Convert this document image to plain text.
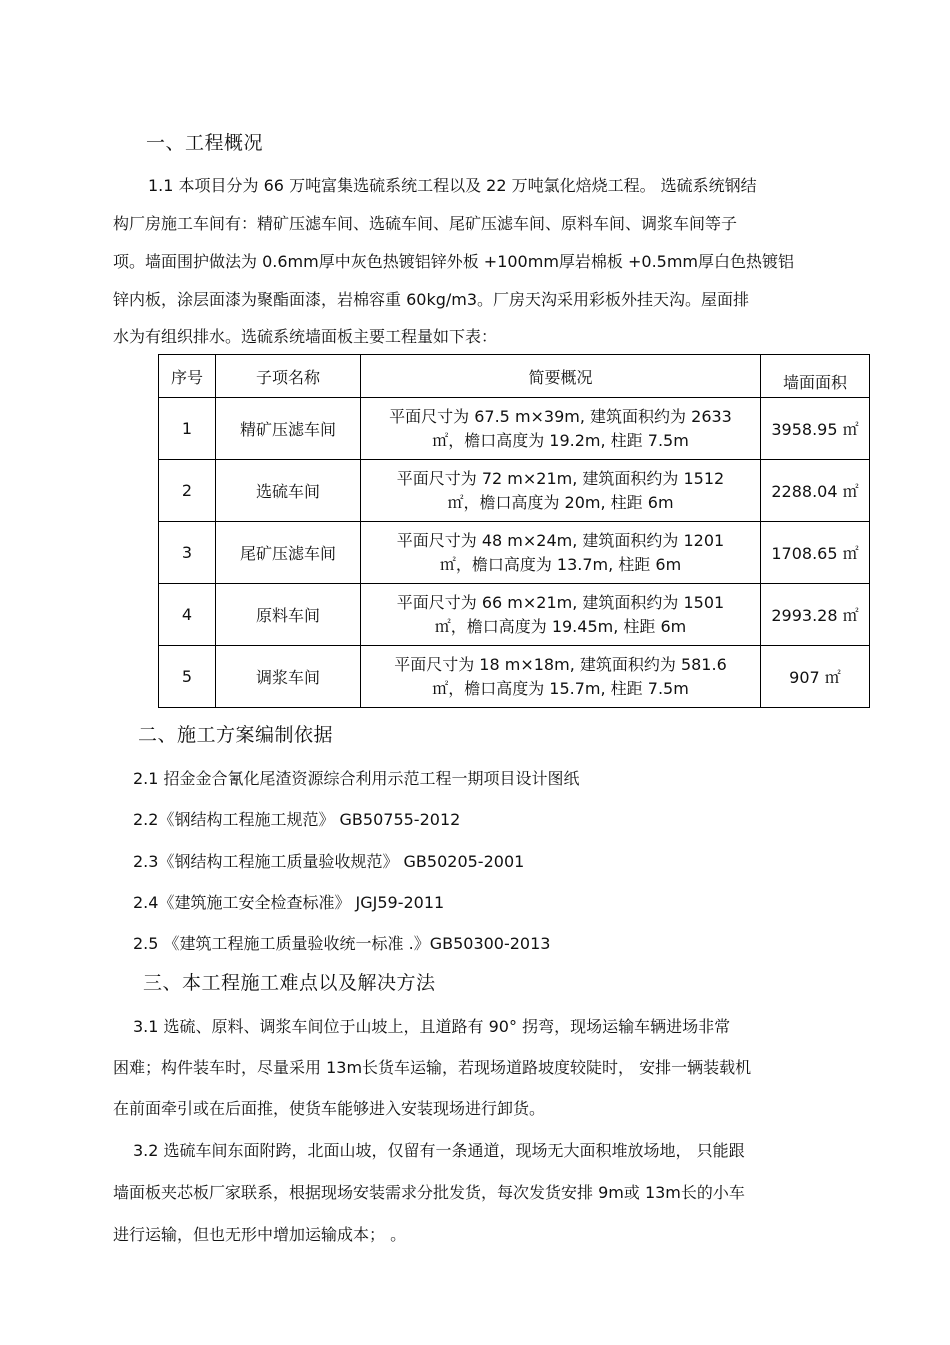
一、工程概况
1.1 本项目分为 66 万吨富集选硫系统工程以及 22 万吨氯化焙烧工程。 选硫系统钢结
构厂房施工车间有：精矿压滤车间、选硫车间、尾矿压滤车间、原料车间、调浆车间等子
项。墙面围护做法为 0.6mm厚中灰色热镀铝锌外板 +100mm厚岩棉板 +0.5mm厚白色热镀铝
锌内板，涂层面漆为聚酯面漆，岩棉容重 60kg/m3。厂房天沟采用彩板外挂天沟。屋面排
水为有组织排水。选硫系统墙面板主要工程量如下表：
序号	子项名称	简要概况	墙面面积
1	精矿压滤车间	平面尺寸为 67.5 m×39m, 建筑面积约为 2633
㎡，檐口高度为 19.2m, 柱距 7.5m	3958.95 ㎡
2	选硫车间	平面尺寸为 72 m×21m, 建筑面积约为 1512
㎡，檐口高度为 20m, 柱距 6m	2288.04 ㎡
3	尾矿压滤车间	平面尺寸为 48 m×24m, 建筑面积约为 1201
㎡，檐口高度为 13.7m, 柱距 6m	1708.65 ㎡
4	原料车间	平面尺寸为 66 m×21m, 建筑面积约为 1501
㎡，檐口高度为 19.45m, 柱距 6m	2993.28 ㎡
5	调浆车间	平面尺寸为 18 m×18m, 建筑面积约为 581.6
㎡，檐口高度为 15.7m, 柱距 7.5m	907 ㎡
二、施工方案编制依据
2.1 招金金合氰化尾渣资源综合利用示范工程一期项目设计图纸
2.2《钢结构工程施工规范》 GB50755-2012
2.3《钢结构工程施工质量验收规范》 GB50205-2001
2.4《建筑施工安全检查标准》 JGJ59-2011
2.5 《建筑工程施工质量验收统一标准 .》GB50300-2013
三、本工程施工难点以及解决方法
3.1 选硫、原料、调浆车间位于山坡上，且道路有 90° 拐弯，现场运输车辆进场非常
困难；构件装车时，尽量采用 13m长货车运输，若现场道路坡度较陡时， 安排一辆装载机
在前面牵引或在后面推，使货车能够进入安装现场进行卸货。
3.2 选硫车间东面附跨，北面山坡，仅留有一条通道，现场无大面积堆放场地， 只能跟
墙面板夹芯板厂家联系，根据现场安装需求分批发货，每次发货安排 9m或 13m长的小车
进行运输，但也无形中增加运输成本； 。
